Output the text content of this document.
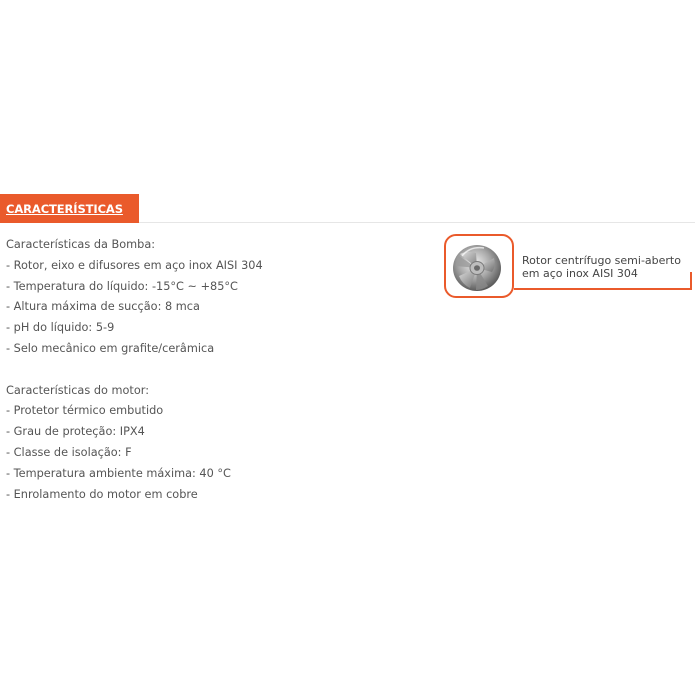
CARACTERÍSTICAS
Características da Bomba:
- Rotor, eixo e difusores em aço inox AISI 304
- Temperatura do líquido: -15°C ~ +85°C
- Altura máxima de sucção: 8 mca
- pH do líquido: 5-9
- Selo mecânico em grafite/cerâmica
Características do motor:
- Protetor térmico embutido
- Grau de proteção: IPX4
- Classe de isolação: F
- Temperatura ambiente máxima: 40 °C
- Enrolamento do motor em cobre
Rotor centrífugo semi-aberto
em aço inox AISI 304
